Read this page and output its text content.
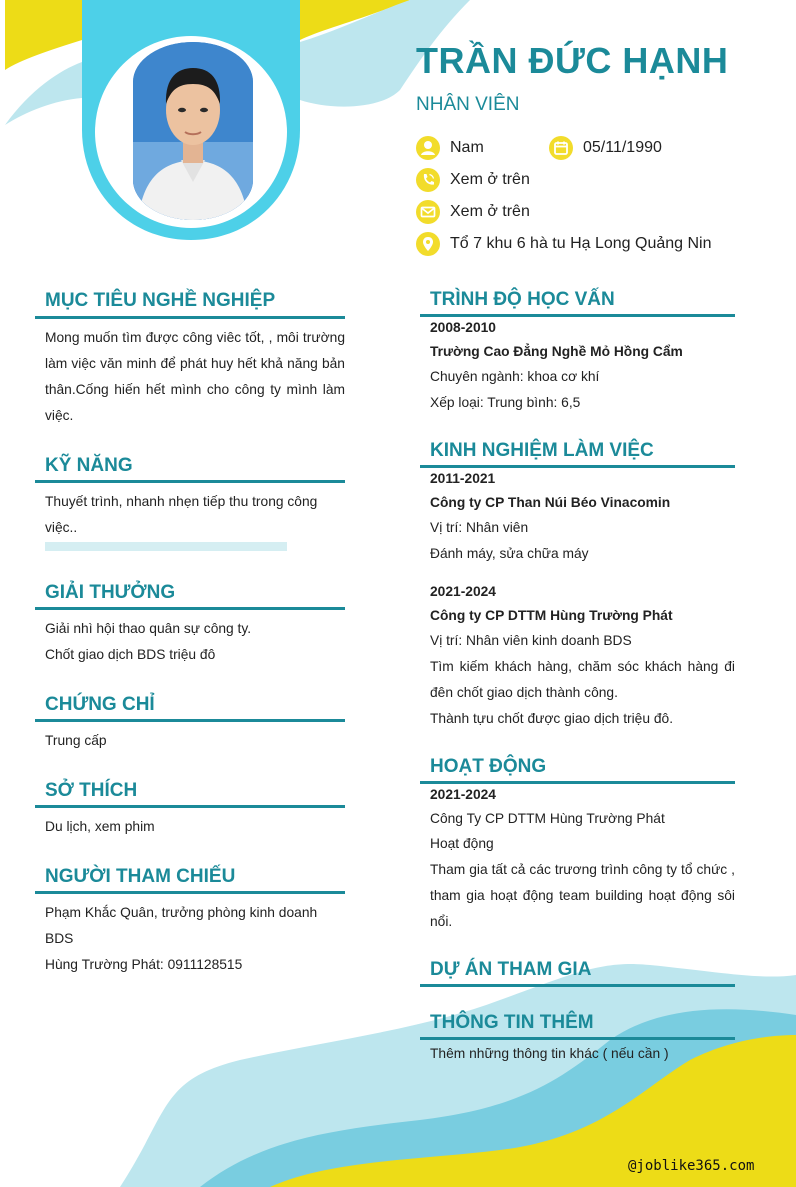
TRẦN ĐỨC HẠNH
NHÂN VIÊN
Nam	05/11/1990
Xem ở trên
Xem ở trên
Tổ 7 khu 6 hà tu Hạ Long Quảng Nin
MỤC TIÊU NGHỀ NGHIỆP
Mong muốn tìm được công viêc tốt, , môi trường làm việc văn minh để phát huy hết khả năng bản thân.Cống hiến hết mình cho công ty mình làm việc.
KỸ NĂNG
Thuyết trình, nhanh nhẹn tiếp thu trong công việc..
GIẢI THƯỞNG
Giải nhì hội thao quân sự công ty.
Chốt giao dịch BDS triệu đô
CHỨNG CHỈ
Trung cấp
SỞ THÍCH
Du lịch, xem phim
NGƯỜI THAM CHIẾU
Phạm Khắc Quân, trưởng phòng kinh doanh BDS
Hùng Trường Phát: 0911128515
TRÌNH ĐỘ HỌC VẤN
2008-2010
Trường Cao Đẳng Nghề Mỏ Hồng Cẩm
Chuyên ngành: khoa cơ khí
Xếp loại: Trung bình: 6,5
KINH NGHIỆM LÀM VIỆC
2011-2021
Công ty CP Than Núi Béo Vinacomin
Vị trí: Nhân viên
Đánh máy, sửa chữa máy
2021-2024
Công ty CP DTTM Hùng Trường Phát
Vị trí: Nhân viên kinh doanh BDS
Tìm kiếm khách hàng, chăm sóc khách hàng đi đên chốt giao dịch thành công.
Thành tựu chốt được giao dịch triệu đô.
HOẠT ĐỘNG
2021-2024
Công Ty CP DTTM Hùng Trường Phát
Hoạt động
Tham gia tất cả các trương trình công ty tổ chức , tham gia hoạt động team building hoạt động sôi nổi.
DỰ ÁN THAM GIA
THÔNG TIN THÊM
Thêm những thông tin khác ( nếu cần )
@joblike365.com
